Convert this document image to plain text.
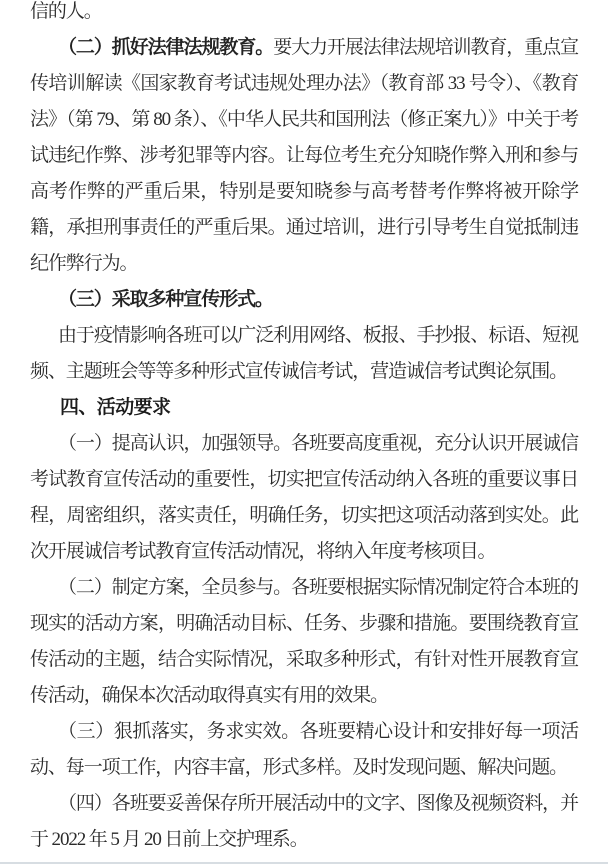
信的人。

（二）抓好法律法规教育。要大力开展法律法规培训教育，重点宣传培训解读《国家教育考试违规处理办法》（教育部 33 号令）、《教育法》（第 79、第 80 条）、《中华人民共和国刑法（修正案九）》中关于考试违纪作弊、涉考犯罪等内容。让每位考生充分知晓作弊入刑和参与高考作弊的严重后果，特别是要知晓参与高考替考作弊将被开除学籍，承担刑事责任的严重后果。通过培训，进行引导考生自觉抵制违纪作弊行为。

（三）采取多种宣传形式。

由于疫情影响各班可以广泛利用网络、板报、手抄报、标语、短视频、主题班会等等多种形式宣传诚信考试，营造诚信考试舆论氛围。

四、活动要求

（一）提高认识，加强领导。各班要高度重视，充分认识开展诚信考试教育宣传活动的重要性，切实把宣传活动纳入各班的重要议事日程，周密组织，落实责任，明确任务，切实把这项活动落到实处。此次开展诚信考试教育宣传活动情况，将纳入年度考核项目。

（二）制定方案，全员参与。各班要根据实际情况制定符合本班的现实的活动方案，明确活动目标、任务、步骤和措施。要围绕教育宣传活动的主题，结合实际情况，采取多种形式，有针对性开展教育宣传活动，确保本次活动取得真实有用的效果。

（三）狠抓落实，务求实效。各班要精心设计和安排好每一项活动、每一项工作，内容丰富，形式多样。及时发现问题、解决问题。

（四）各班要妥善保存所开展活动中的文字、图像及视频资料，并于 2022 年 5 月 20 日前上交护理系。
